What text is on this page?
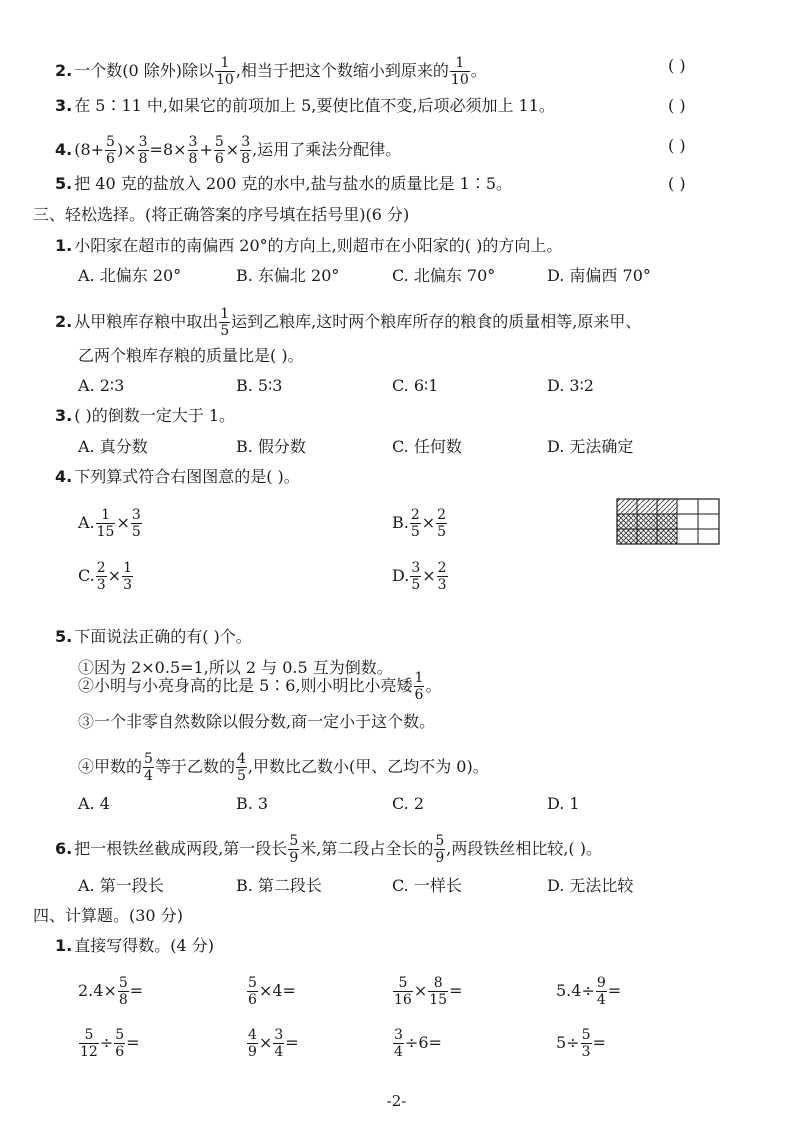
2. 一个数(0 除外)除以 $\frac{1}{10}$ ,相当于把这个数缩小到原来的 $\frac{1}{10}$ 。	( )
3. 在 5∶11 中,如果它的前项加上 5,要使比值不变,后项必须加上 11。	( )
4. ($8+ \frac{5}{6}$ )× $\frac{3}{8} =8\times \frac{3}{8} + \frac{5}{6} \times \frac{3}{8}$ ,运用了乘法分配律。	( )
5. 把 40 克的盐放入 200 克的水中,盐与盐水的质量比是 1∶5。	( )
三、轻松选择。(将正确答案的序号填在括号里)(6 分)
1. 小阳家在超市的南偏西 20°的方向上,则超市在小阳家的( )的方向上。
A. 北偏东 20°	B. 东偏北 20°	C. 北偏东 70°	D. 南偏西 70°
2. 从甲粮库存粮中取出 $\frac{1}{5}$ 运到乙粮库,这时两个粮库所存的粮食的质量相等,原来甲、
乙两个粮库存粮的质量比是( )。
A. 2∶3	B. 5∶3	C. 6∶1	D. 3∶2
3. ( )的倒数一定大于 1。
A. 真分数	B. 假分数	C. 任何数	D. 无法确定
4. 下列算式符合右图图意的是( )。
A. $\frac{1}{15} \times \frac{3}{5}$	B. $\frac{2}{5} \times \frac{2}{5}$
C. $\frac{2}{3} \times \frac{1}{3}$	D. $\frac{3}{5} \times \frac{2}{3}$
5. 下面说法正确的有( )个。
①因为 2×0.5=1,所以 2 与 0.5 互为倒数。
②小明与小亮身高的比是 5∶6,则小明比小亮矮 $\frac{1}{6}$ 。
③一个非零自然数除以假分数,商一定小于这个数。
④甲数的 $\frac{5}{4}$ 等于乙数的 $\frac{4}{5}$ ,甲数比乙数小(甲、乙均不为 0)。
A. 4	B. 3	C. 2	D. 1
6. 把一根铁丝截成两段,第一段长 $\frac{5}{9}$ 米,第二段占全长的 $\frac{5}{9}$ ,两段铁丝相比较,( )。
A. 第一段长	B. 第二段长	C. 一样长	D. 无法比较
四、计算题。(30 分)
1. 直接写得数。(4 分)
$2.4\times \frac{5}{8}$ =	$\frac{5}{6} \times 4=$	$\frac{5}{16} \times \frac{8}{15}$ =	$5.4\div \frac{9}{4}$ =
$\frac{5}{12} \div \frac{5}{6}$ =	$\frac{4}{9} \times \frac{3}{4}$ =	$\frac{3}{4} \div 6=$	$5\div \frac{5}{3}$ =
-2-
